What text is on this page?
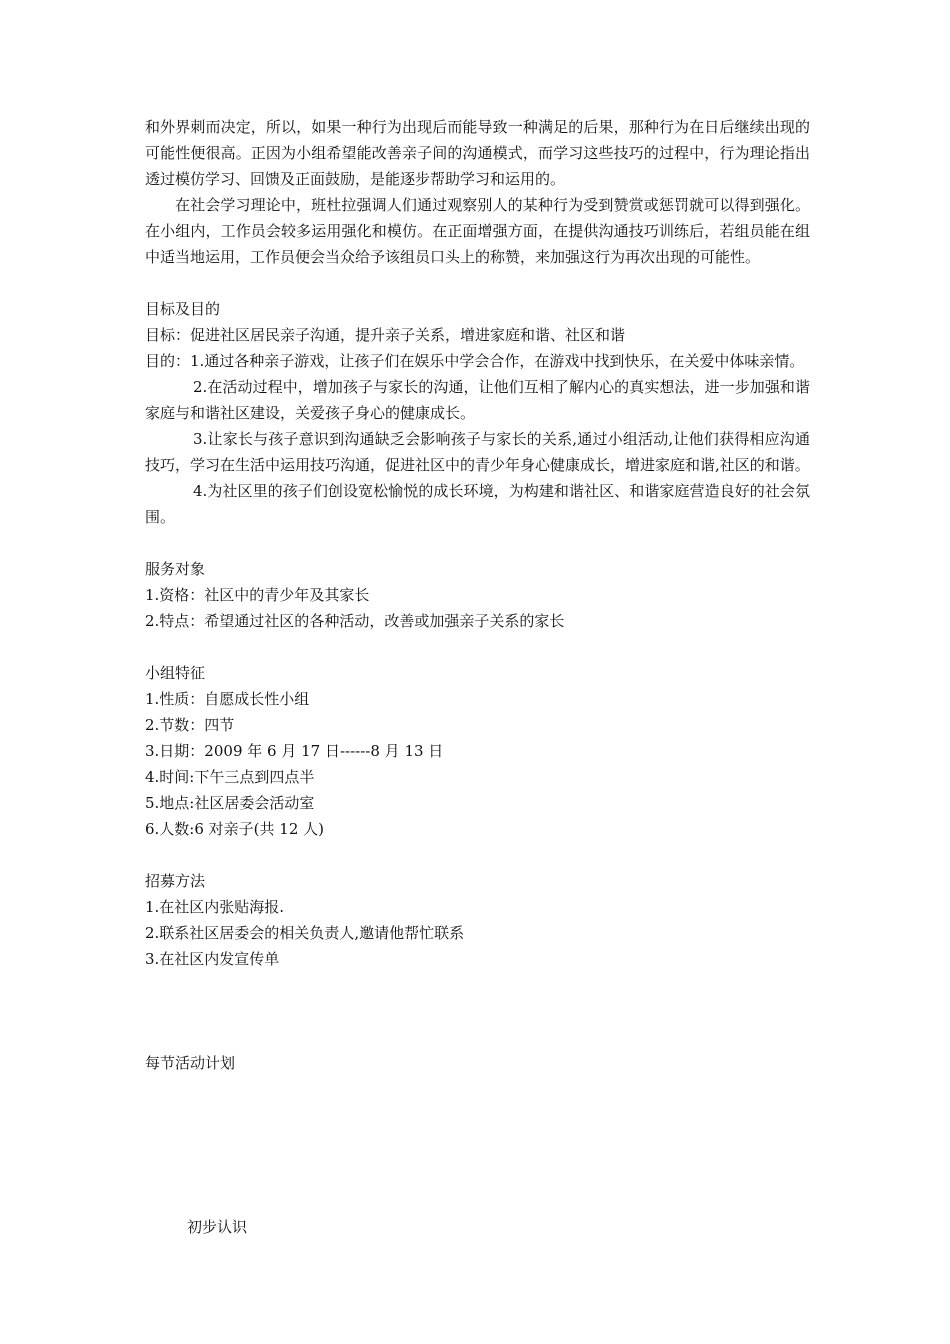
和外界刺而决定，所以，如果一种行为出现后而能导致一种满足的后果，那种行为在日后继续出现的可能性便很高。正因为小组希望能改善亲子间的沟通模式，而学习这些技巧的过程中，行为理论指出透过模仿学习、回馈及正面鼓励，是能逐步帮助学习和运用的。

在社会学习理论中，班杜拉强调人们通过观察别人的某种行为受到赞赏或惩罚就可以得到强化。在小组内，工作员会较多运用强化和模仿。在正面增强方面，在提供沟通技巧训练后，若组员能在组中适当地运用，工作员便会当众给予该组员口头上的称赞，来加强这行为再次出现的可能性。

目标及目的

目标：促进社区居民亲子沟通，提升亲子关系，增进家庭和谐、社区和谐

目的：1.通过各种亲子游戏，让孩子们在娱乐中学会合作，在游戏中找到快乐，在关爱中体味亲情。

2.在活动过程中，增加孩子与家长的沟通，让他们互相了解内心的真实想法，进一步加强和谐家庭与和谐社区建设，关爱孩子身心的健康成长。

3.让家长与孩子意识到沟通缺乏会影响孩子与家长的关系,通过小组活动,让他们获得相应沟通技巧，学习在生活中运用技巧沟通，促进社区中的青少年身心健康成长，增进家庭和谐,社区的和谐。

4.为社区里的孩子们创设宽松愉悦的成长环境，为构建和谐社区、和谐家庭营造良好的社会氛围。

服务对象

1.资格：社区中的青少年及其家长

2.特点：希望通过社区的各种活动，改善或加强亲子关系的家长

小组特征

1.性质：自愿成长性小组

2.节数：四节

3.日期：2009 年 6 月 17 日------8 月 13 日

4.时间:下午三点到四点半

5.地点:社区居委会活动室

6.人数:6 对亲子(共 12 人)

招募方法

1.在社区内张贴海报.

2.联系社区居委会的相关负责人,邀请他帮忙联系

3.在社区内发宣传单

每节活动计划

初步认识
